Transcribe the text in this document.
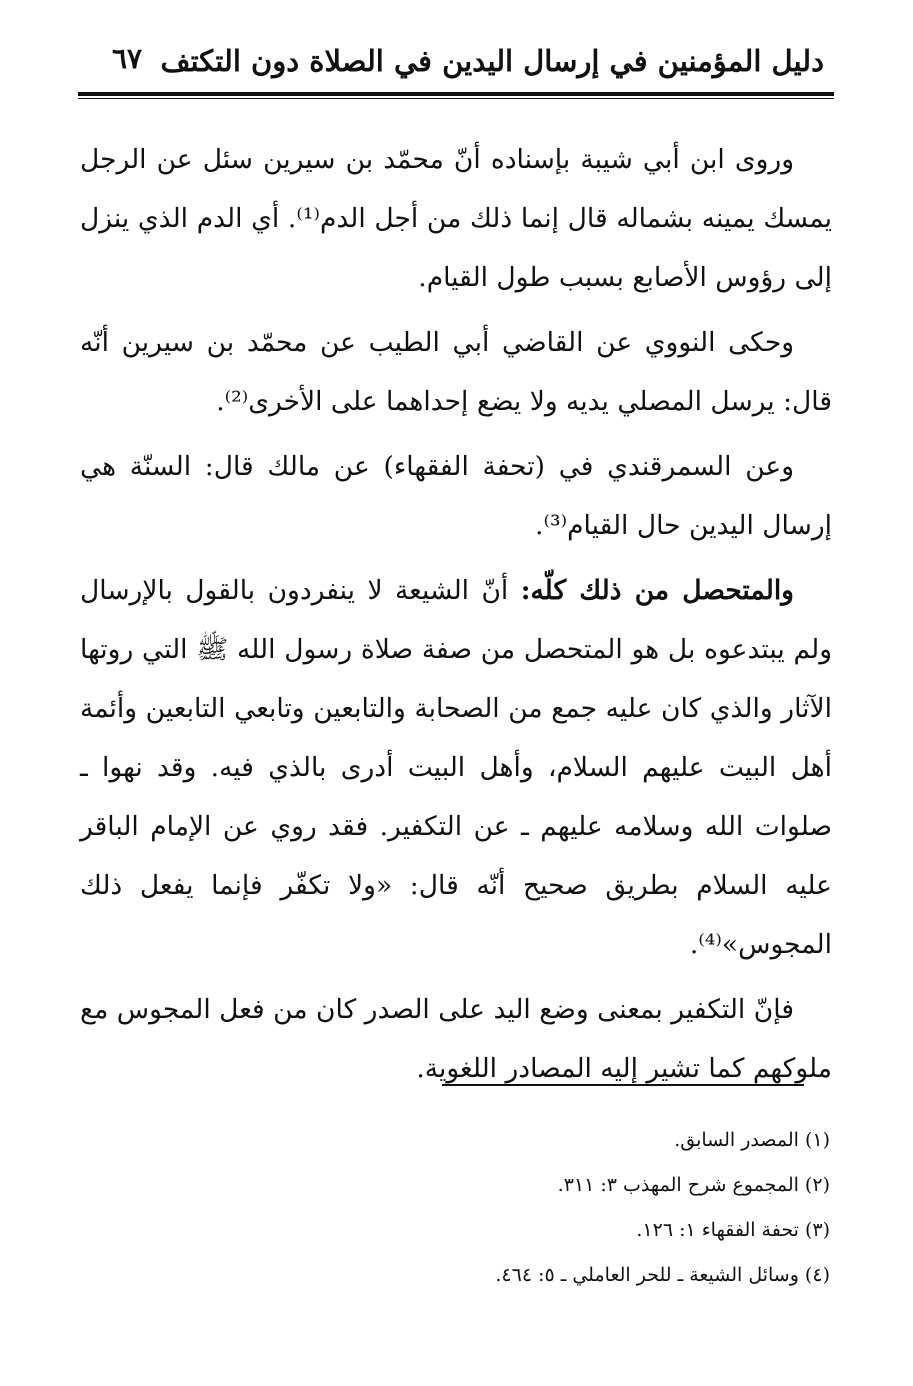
دليل المؤمنين في إرسال اليدين في الصلاة دون التكتف
٦٧

وروى ابن أبي شيبة بإسناده أنّ محمّد بن سيرين سئل عن الرجل يمسك يمينه بشماله قال إنما ذلك من أجل الدم⁽¹⁾. أي الدم الذي ينزل إلى رؤوس الأصابع بسبب طول القيام.

وحكى النووي عن القاضي أبي الطيب عن محمّد بن سيرين أنّه قال: يرسل المصلي يديه ولا يضع إحداهما على الأخرى⁽²⁾.

وعن السمرقندي في (تحفة الفقهاء) عن مالك قال: السنّة هي إرسال اليدين حال القيام⁽³⁾.

والمتحصل من ذلك كلّه: أنّ الشيعة لا ينفردون بالقول بالإرسال ولم يبتدعوه بل هو المتحصل من صفة صلاة رسول الله ﷺ التي روتها الآثار والذي كان عليه جمع من الصحابة والتابعين وتابعي التابعين وأئمة أهل البيت عليهم السلام، وأهل البيت أدرى بالذي فيه. وقد نهوا ـ صلوات الله وسلامه عليهم ـ عن التكفير. فقد روي عن الإمام الباقر عليه السلام بطريق صحيح أنّه قال: «ولا تكفّر فإنما يفعل ذلك المجوس»⁽⁴⁾.

فإنّ التكفير بمعنى وضع اليد على الصدر كان من فعل المجوس مع ملوكهم كما تشير إليه المصادر اللغوية.

(١) المصدر السابق.
(٢) المجموع شرح المهذب ٣: ٣١١.
(٣) تحفة الفقهاء ١: ١٢٦.
(٤) وسائل الشيعة ـ للحر العاملي ـ ٥: ٤٦٤.
